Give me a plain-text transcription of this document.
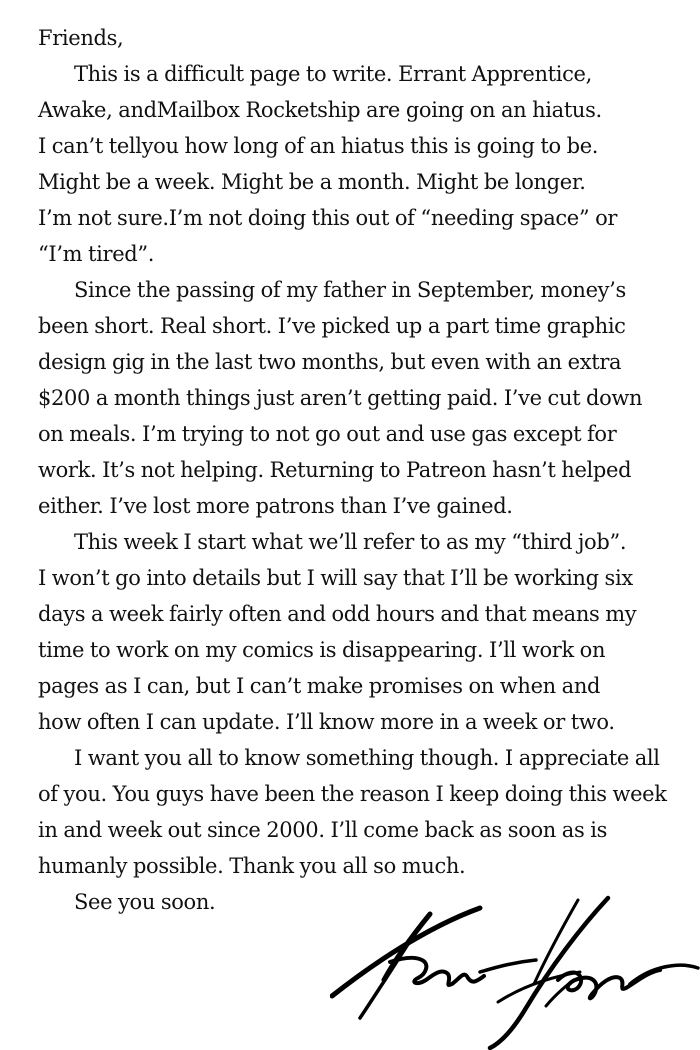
Friends,
This is a difficult page to write. Errant Apprentice,
Awake, andMailbox Rocketship are going on an hiatus.
I can’t tellyou how long of an hiatus this is going to be.
Might be a week. Might be a month. Might be longer.
I’m not sure.I’m not doing this out of “needing space” or
“I’m tired”.
Since the passing of my father in September, money’s
been short. Real short. I’ve picked up a part time graphic
design gig in the last two months, but even with an extra
$200 a month things just aren’t getting paid. I’ve cut down
on meals. I’m trying to not go out and use gas except for
work. It’s not helping. Returning to Patreon hasn’t helped
either. I’ve lost more patrons than I’ve gained.
This week I start what we’ll refer to as my “third job”.
I won’t go into details but I will say that I’ll be working six
days a week fairly often and odd hours and that means my
time to work on my comics is disappearing. I’ll work on
pages as I can, but I can’t make promises on when and
how often I can update. I’ll know more in a week or two.
I want you all to know something though. I appreciate all
of you. You guys have been the reason I keep doing this week
in and week out since 2000. I’ll come back as soon as is
humanly possible. Thank you all so much.
See you soon.
